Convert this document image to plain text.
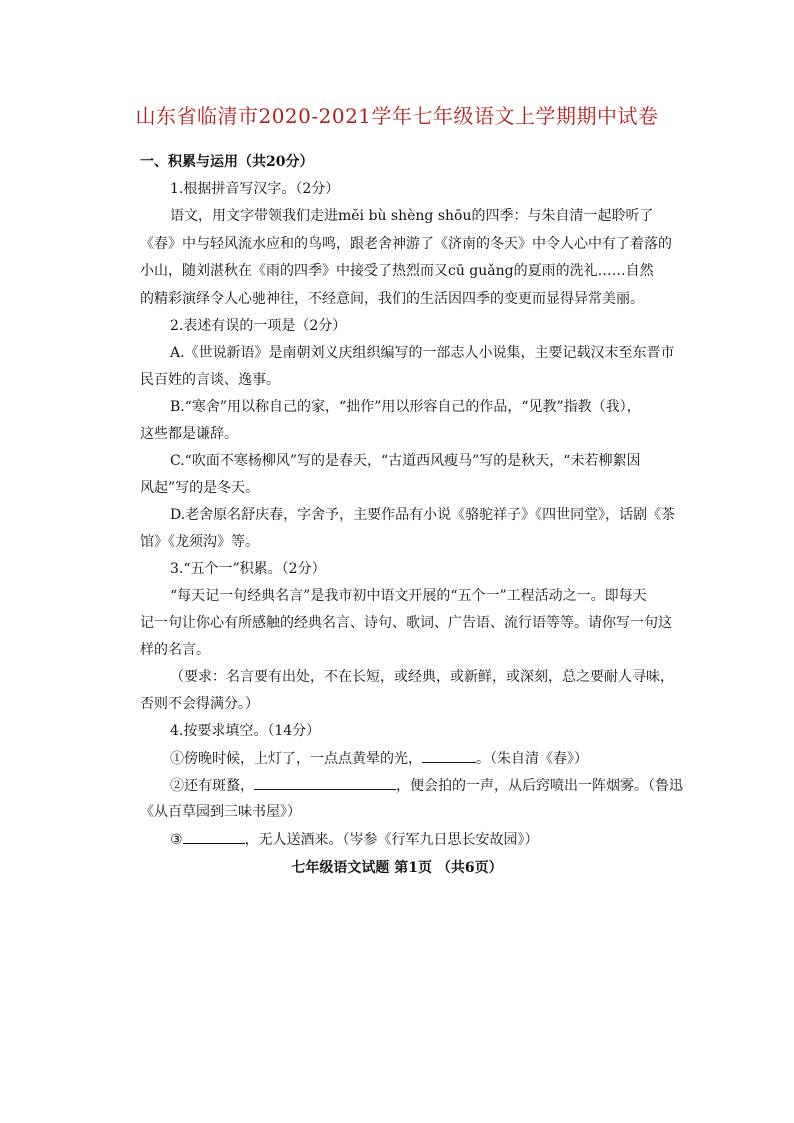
山东省临清市2020-2021学年七年级语文上学期期中试卷
一、积累与运用（共20分）
1.根据拼音写汉字。（2分）
语文，用文字带领我们走进mĕi bù shèng shōu的四季：与朱自清一起聆听了
《春》中与轻风流水应和的鸟鸣，跟老舍神游了《济南的冬天》中令人心中有了着落的
小山，随刘湛秋在《雨的四季》中接受了热烈而又cū guǎng的夏雨的洗礼……自然
的精彩演绎令人心驰神往，不经意间，我们的生活因四季的变更而显得异常美丽。
2.表述有误的一项是（2分）
A.《世说新语》是南朝刘义庆组织编写的一部志人小说集，主要记载汉末至东晋市
民百姓的言谈、逸事。
B.“寒舍”用以称自己的家，“拙作”用以形容自己的作品，“见教”指教（我），
这些都是谦辞。
C.“吹面不寒杨柳风”写的是春天，“古道西风瘦马”写的是秋天，“未若柳絮因
风起”写的是冬天。
D.老舍原名舒庆春，字舍予，主要作品有小说《骆驼祥子》《四世同堂》，话剧《茶
馆》《龙须沟》等。
3.“五个一”积累。（2分）
“每天记一句经典名言”是我市初中语文开展的“五个一”工程活动之一。即每天
记一句让你心有所感触的经典名言、诗句、歌词、广告语、流行语等等。请你写一句这
样的名言。
（要求：名言要有出处，不在长短，或经典，或新鲜，或深刻，总之要耐人寻味，
否则不会得满分。）
4.按要求填空。（14分）
①傍晚时候，上灯了，一点点黄晕的光，	。（朱自清《春》）
②还有斑蝥，	，便会拍的一声，从后窍喷出一阵烟雾。（鲁迅
《从百草园到三味书屋》）
③	，无人送酒来。（岑参《行军九日思长安故园》）
七年级语文试题 第1页 （共6页）
